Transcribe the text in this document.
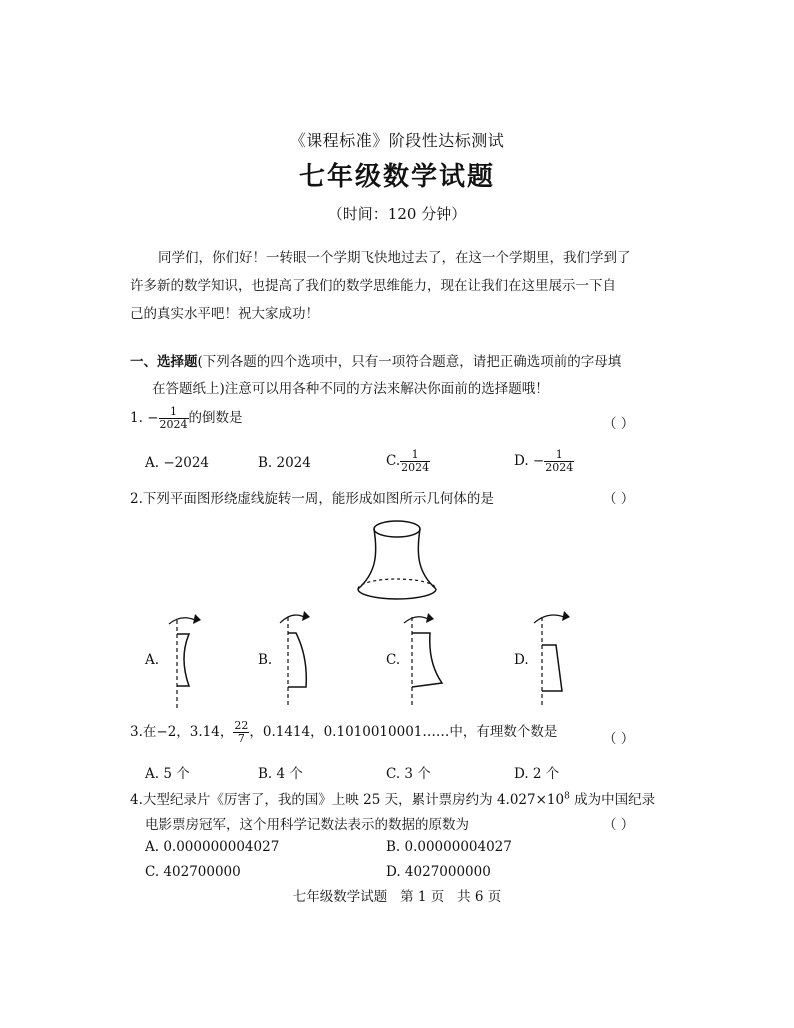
《课程标准》阶段性达标测试
七年级数学试题
（时间：120 分钟）
同学们，你们好！一转眼一个学期飞快地过去了，在这一个学期里，我们学到了
许多新的数学知识，也提高了我们的数学思维能力，现在让我们在这里展示一下自
己的真实水平吧！祝大家成功！
一、选择题(下列各题的四个选项中，只有一项符合题意，请把正确选项前的字母填
在答题纸上)注意可以用各种不同的方法来解决你面前的选择题哦！
1. − $\frac{1}{2024}$ 的倒数是	（ ）
A. −2024	B. 2024	C. $\frac{1}{2024}$	D. − $\frac{1}{2024}$
2.下列平面图形绕虚线旋转一周，能形成如图所示几何体的是	（ ）
A.	B.	C.	D.
3.在−2，3.14， $\frac{22}{7}$ ，0.1414，0.1010010001……中，有理数个数是	（ ）
A. 5 个	B. 4 个	C. 3 个	D. 2 个
4.大型纪录片《厉害了，我的国》上映 25 天，累计票房约为 $4.027\times 10^8$ 成为中国纪录
电影票房冠军，这个用科学记数法表示的数据的原数为	（ ）
A. 0.000000004027	B. 0.00000004027
C. 402700000	D. 4027000000
七年级数学试题   第 1 页   共 6 页
